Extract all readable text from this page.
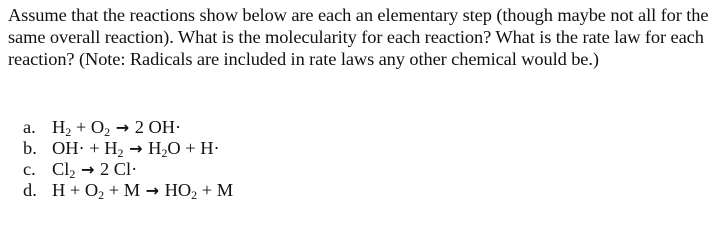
Assume that the reactions show below are each an elementary step (though maybe not all for the same overall reaction). What is the molecularity for each reaction? What is the rate law for each reaction? (Note: Radicals are included in rate laws any other chemical would be.)

a. $H_2 + O_2 \to 2$ OH·
b. $OH\cdot + H_2 \to H_2O + H\cdot$
c. $Cl_2 \to 2$ Cl·
d. $H + O_2 + M \to HO_2 + M$
